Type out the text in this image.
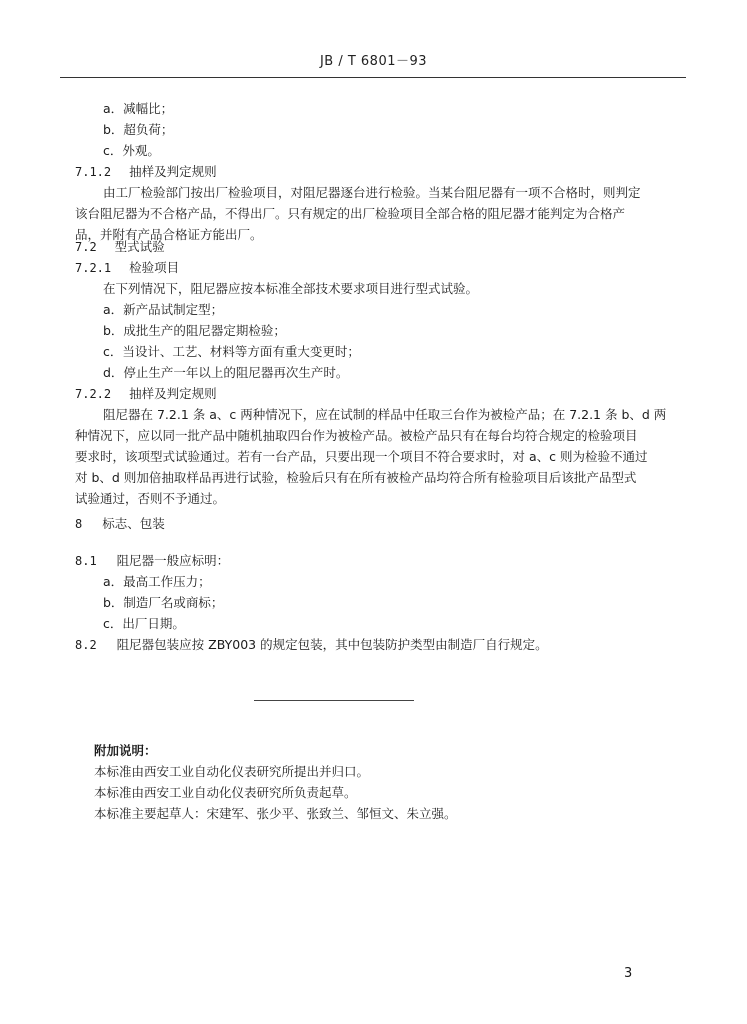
JB / T 6801－93
a．减幅比；
b．超负荷；
c．外观。
7.1.2 抽样及判定规则
由工厂检验部门按出厂检验项目，对阻尼器逐台进行检验。当某台阻尼器有一项不合格时，则判定
该台阻尼器为不合格产品，不得出厂。只有规定的出厂检验项目全部合格的阻尼器才能判定为合格产
品，并附有产品合格证方能出厂。
7.2 型式试验
7.2.1 检验项目
在下列情况下，阻尼器应按本标准全部技术要求项目进行型式试验。
a．新产品试制定型；
b．成批生产的阻尼器定期检验；
c．当设计、工艺、材料等方面有重大变更时；
d．停止生产一年以上的阻尼器再次生产时。
7.2.2 抽样及判定规则
阻尼器在 7.2.1 条 a、c 两种情况下，应在试制的样品中任取三台作为被检产品；在 7.2.1 条 b、d 两
种情况下，应以同一批产品中随机抽取四台作为被检产品。被检产品只有在每台均符合规定的检验项目
要求时，该项型式试验通过。若有一台产品，只要出现一个项目不符合要求时，对 a、c 则为检验不通过
对 b、d 则加倍抽取样品再进行试验，检验后只有在所有被检产品均符合所有检验项目后该批产品型式
试验通过，否则不予通过。
8 标志、包装
8.1 阻尼器一般应标明：
a．最高工作压力；
b．制造厂名或商标；
c．出厂日期。
8.2 阻尼器包装应按 ZBY003 的规定包装，其中包装防护类型由制造厂自行规定。
附加说明：
本标准由西安工业自动化仪表研究所提出并归口。
本标准由西安工业自动化仪表研究所负责起草。
本标准主要起草人：宋建军、张少平、张致兰、邹恒文、朱立强。
3
